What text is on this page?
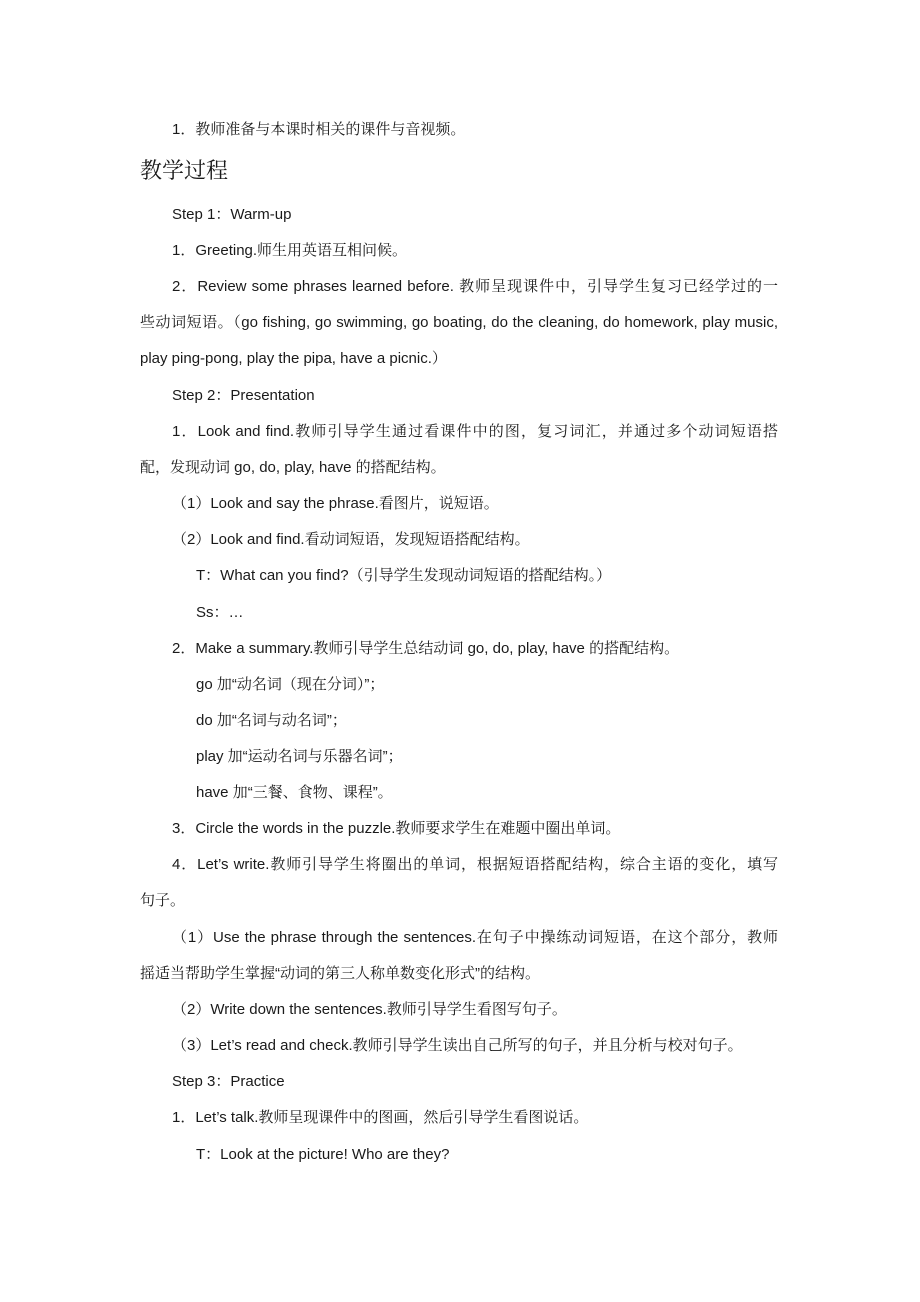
1．教师准备与本课时相关的课件与音视频。
教学过程
Step 1：Warm-up
1．Greeting.师生用英语互相问候。
2．Review some phrases learned before. 教师呈现课件中，引导学生复习已经学过的一
些动词短语。（go fishing, go swimming, go boating, do the cleaning, do homework, play music,
play ping-pong, play the pipa, have a picnic.）
Step 2：Presentation
1．Look and find.教师引导学生通过看课件中的图，复习词汇，并通过多个动词短语搭
配，发现动词 go, do, play, have 的搭配结构。
（1）Look and say the phrase.看图片，说短语。
（2）Look and find.看动词短语，发现短语搭配结构。
T：What can you find?（引导学生发现动词短语的搭配结构。）
Ss：…
2．Make a summary.教师引导学生总结动词 go, do, play, have 的搭配结构。
go 加“动名词（现在分词）”；
do 加“名词与动名词”；
play 加“运动名词与乐器名词”；
have 加“三餐、食物、课程”。
3．Circle the words in the puzzle.教师要求学生在难题中圈出单词。
4．Let’s write.教师引导学生将圈出的单词，根据短语搭配结构，综合主语的变化，填写
句子。
（1）Use the phrase through the sentences.在句子中操练动词短语，在这个部分，教师
摇适当帮助学生掌握“动词的第三人称单数变化形式”的结构。
（2）Write down the sentences.教师引导学生看图写句子。
（3）Let’s read and check.教师引导学生读出自己所写的句子，并且分析与校对句子。
Step 3：Practice
1．Let’s talk.教师呈现课件中的图画，然后引导学生看图说话。
T：Look at the picture! Who are they?
